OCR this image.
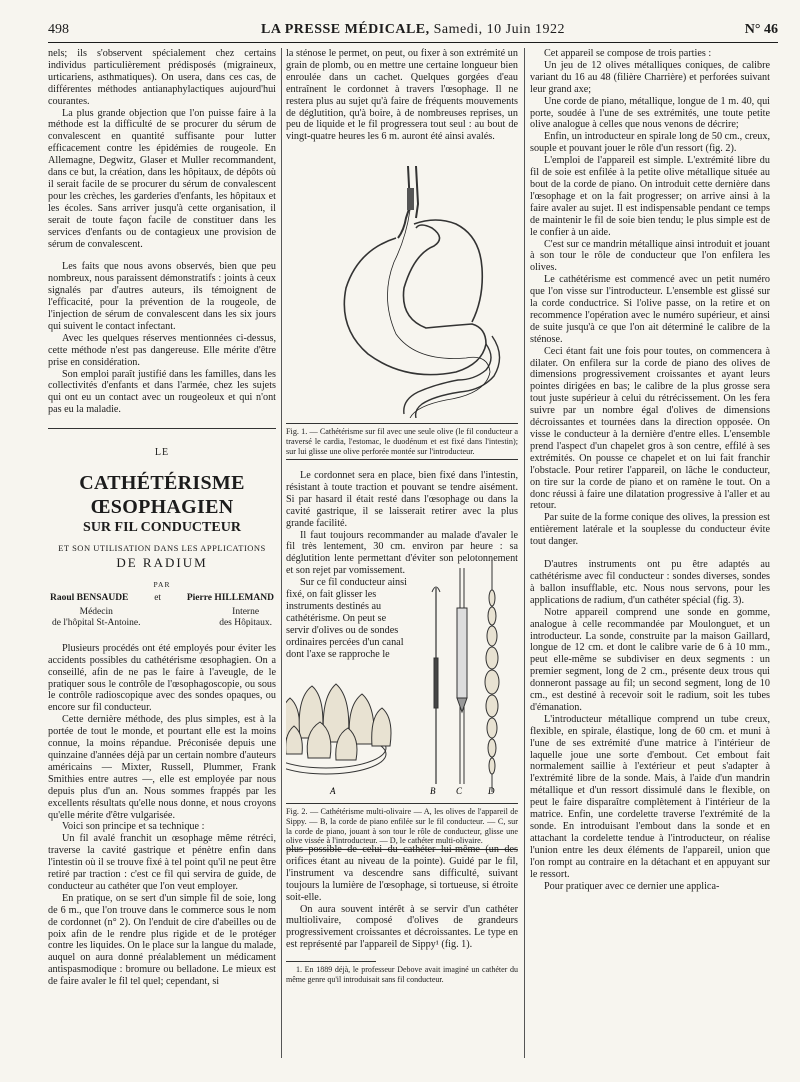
498	LA PRESSE MÉDICALE, Samedi, 10 Juin 1922	N° 46

nels; ils s'observent spécialement chez certains individus particulièrement prédisposés (migraineux, urticariens, asthmatiques). On usera, dans ces cas, de différentes méthodes antianaphylactiques aujourd'hui courantes.

La plus grande objection que l'on puisse faire à la méthode est la difficulté de se procurer du sérum de convalescent en quantité suffisante pour lutter efficacement contre les épidémies de rougeole. En Allemagne, Degwitz, Glaser et Muller recommandent, dans ce but, la création, dans les hôpitaux, de dépôts où il serait facile de se procurer du sérum de convalescent pour les crèches, les garderies d'enfants, les hôpitaux et les écoles. Sans arriver jusqu'à cette organisation, il serait de toute façon facile de constituer dans les services d'enfants ou de contagieux une provision de sérum de convalescent.

Les faits que nous avons observés, bien que peu nombreux, nous paraissent démonstratifs : joints à ceux signalés par d'autres auteurs, ils témoignent de l'efficacité, pour la prévention de la rougeole, de l'injection de sérum de convalescent dans les six jours qui suivent le contact infectant.

Avec les quelques réserves mentionnées ci-dessus, cette méthode n'est pas dangereuse. Elle mérite d'être prise en considération.

Son emploi paraît justifié dans les familles, dans les collectivités d'enfants et dans l'armée, chez les sujets qui ont eu un contact avec un rougeoleux et qui n'ont pas eu la maladie.

LE
CATHÉTÉRISME ŒSOPHAGIEN
SUR FIL CONDUCTEUR
ET SON UTILISATION DANS LES APPLICATIONS
DE RADIUM
PAR
Raoul BENSAUDE	et	Pierre HILLEMAND
Médecin
de l'hôpital St-Antoine.
Interne
des Hôpitaux.

Plusieurs procédés ont été employés pour éviter les accidents possibles du cathétérisme œsophagien. On a conseillé, afin de ne pas le faire à l'aveugle, de le pratiquer sous le contrôle de l'œsophagoscopie, ou sous le contrôle radioscopique avec des sondes opaques, ou encore sur fil conducteur.

Cette dernière méthode, des plus simples, est à la portée de tout le monde, et pourtant elle est la moins connue, la moins répandue. Préconisée depuis une quinzaine d'années déjà par un certain nombre d'auteurs américains — Mixter, Russell, Plummer, Frank Smithies entre autres —, elle est employée par nous depuis plus d'un an. Nous sommes frappés par les excellents résultats qu'elle nous donne, et nous croyons qu'elle mérite d'être vulgarisée.

Voici son principe et sa technique :

Un fil avalé franchit un œsophage même rétréci, traverse la cavité gastrique et pénètre enfin dans l'intestin où il se trouve fixé à tel point qu'il ne peut être retiré par traction : c'est ce fil qui servira de guide, de conducteur au cathéter que l'on veut employer.

En pratique, on se sert d'un simple fil de soie, long de 6 m., que l'on trouve dans le commerce sous le nom de cordonnet (n° 2). On l'enduit de cire d'abeilles ou de poix afin de le rendre plus rigide et de le protéger contre les liquides. On le place sur la langue du malade, auquel on aura donné préalablement un médicament antispasmodique : bromure ou belladone. Le mieux est de faire avaler le fil tel quel; cependant, si

la sténose le permet, on peut, ou fixer à son extrémité un grain de plomb, ou en mettre une certaine longueur bien enroulée dans un cachet. Quelques gorgées d'eau entraînent le cordonnet à travers l'œsophage. Il ne restera plus au sujet qu'à faire de fréquents mouvements de déglutition, qu'à boire, à de nombreuses reprises, un peu de liquide et le fil progressera tout seul : au bout de vingt-quatre heures les 6 m. auront été ainsi avalés.

Fig. 1. — Cathétérisme sur fil avec une seule olive (le fil conducteur a traversé le cardia, l'estomac, le duodénum et est fixé dans l'intestin); sur lui glisse une olive perforée montée sur l'introducteur.

Le cordonnet sera en place, bien fixé dans l'intestin, résistant à toute traction et pouvant se tendre aisément. Si par hasard il était resté dans l'œsophage ou dans la cavité gastrique, il se laisserait retirer avec la plus grande facilité.

Il faut toujours recommander au malade d'avaler le fil très lentement, 30 cm. environ par heure : sa déglutition lente permettant d'éviter son pelotonnement et son rejet par vomissement.

Sur ce fil conducteur ainsi fixé, on fait glisser les instruments destinés au cathétérisme. On peut se servir d'olives ou de sondes ordinaires percées d'un canal dont l'axe se rapproche le

A	B C	D
Fig. 2. — Cathétérisme multi-olivaire — A, les olives de l'appareil de Sippy. — B, la corde de piano enfilée sur le fil conducteur. — C, sur la corde de piano, jouant à son tour le rôle de conducteur, glisse une olive vissée à l'introducteur. — D, le cathéter multi-olivaire.

plus possible de celui du cathéter lui-même (un des orifices étant au niveau de la pointe). Guidé par le fil, l'instrument va descendre sans difficulté, suivant toujours la lumière de l'œsophage, si tortueuse, si étroite soit-elle.

On aura souvent intérêt à se servir d'un cathéter multiolivaire, composé d'olives de grandeurs progressivement croissantes et décroissantes. Le type en est représenté par l'appareil de Sippy¹ (fig. 1).

1. En 1889 déjà, le professeur Debove avait imaginé un cathéter du même genre qu'il introduisait sans fil conducteur.

Cet appareil se compose de trois parties :

Un jeu de 12 olives métalliques coniques, de calibre variant du 16 au 48 (filière Charrière) et perforées suivant leur grand axe;

Une corde de piano, métallique, longue de 1 m. 40, qui porte, soudée à l'une de ses extrémités, une toute petite olive analogue à celles que nous venons de décrire;

Enfin, un introducteur en spirale long de 50 cm., creux, souple et pouvant jouer le rôle d'un ressort (fig. 2).

L'emploi de l'appareil est simple. L'extrémité libre du fil de soie est enfilée à la petite olive métallique située au bout de la corde de piano. On introduit cette dernière dans l'œsophage et on la fait progresser; on arrive ainsi à la faire avaler au sujet. Il est indispensable pendant ce temps de maintenir le fil de soie bien tendu; le plus simple est de le confier à un aide.

C'est sur ce mandrin métallique ainsi introduit et jouant à son tour le rôle de conducteur que l'on enfilera les olives.

Le cathétérisme est commencé avec un petit numéro que l'on visse sur l'introducteur. L'ensemble est glissé sur la corde conductrice. Si l'olive passe, on la retire et on recommence l'opération avec le numéro supérieur, et ainsi de suite jusqu'à ce que l'on ait déterminé le calibre de la sténose.

Ceci étant fait une fois pour toutes, on commencera à dilater. On enfilera sur la corde de piano des olives de dimensions progressivement croissantes et ayant leurs pointes dirigées en bas; le calibre de la plus grosse sera tout juste supérieur à celui du rétrécissement. On les fera suivre par un nombre égal d'olives de dimensions décroissantes et tournées dans la direction opposée. On visse le conducteur à la dernière d'entre elles. L'ensemble prend l'aspect d'un chapelet gros à son centre, effilé à ses extrémités. On pousse ce chapelet et on lui fait franchir l'obstacle. Pour retirer l'appareil, on lâche le conducteur, on tire sur la corde de piano et on ramène le tout. On a donc réussi à faire une dilatation progressive à l'aller et au retour.

Par suite de la forme conique des olives, la pression est entièrement latérale et la souplesse du conducteur évite tout danger.

D'autres instruments ont pu être adaptés au cathétérisme avec fil conducteur : sondes diverses, sondes à ballon insufflable, etc. Nous nous servons, pour les applications de radium, d'un cathéter spécial (fig. 3).

Notre appareil comprend une sonde en gomme, analogue à celle recommandée par Moulonguet, et un introducteur. La sonde, construite par la maison Gaillard, longue de 12 cm. et dont le calibre varie de 6 à 10 mm., peut elle-même se subdiviser en deux segments : un premier segment, long de 2 cm., présente deux trous qui donneront passage au fil; un second segment, long de 10 cm., est destiné à recevoir soit le radium, soit les tubes d'émanation.

L'introducteur métallique comprend un tube creux, flexible, en spirale, élastique, long de 60 cm. et muni à l'une de ses extrémité d'une matrice à l'intérieur de laquelle joue une sorte d'embout. Cet embout fait normalement saillie à l'extérieur et peut s'adapter à l'extrémité libre de la sonde. Mais, à l'aide d'un mandrin métallique et d'un ressort dissimulé dans le flexible, on peut le faire disparaître complètement à l'intérieur de la matrice. Enfin, une cordelette traverse l'extrémité de la sonde. En introduisant l'embout dans la sonde et en attachant la cordelette tendue à l'introducteur, on réalise l'union entre les deux éléments de l'appareil, union que l'on rompt au contraire en la détachant et en appuyant sur le ressort.

Pour pratiquer avec ce dernier une applica-
